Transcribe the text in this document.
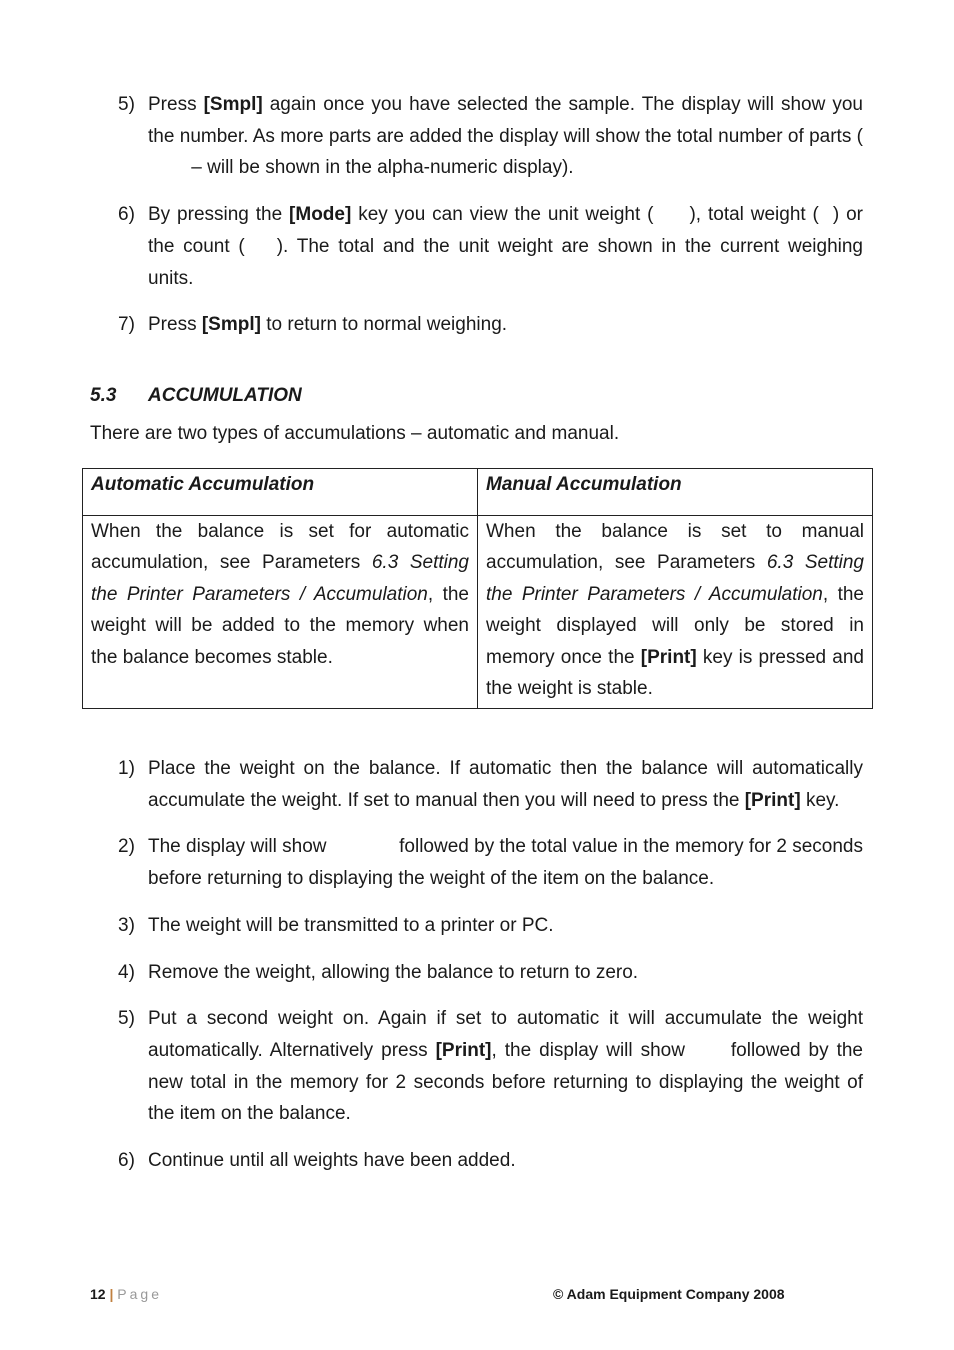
5) Press [Smpl] again once you have selected the sample. The display will show you the number. As more parts are added the display will show the total number of parts ( – will be shown in the alpha-numeric display).
6) By pressing the [Mode] key you can view the unit weight ( ), total weight ( ) or the count ( ). The total and the unit weight are shown in the current weighing units.
7) Press [Smpl] to return to normal weighing.
5.3 ACCUMULATION
There are two types of accumulations – automatic and manual.
Automatic Accumulation	Manual Accumulation
When the balance is set for automatic accumulation, see Parameters 6.3 Setting the Printer Parameters / Accumulation, the weight will be added to the memory when the balance becomes stable.	When the balance is set to manual accumulation, see Parameters 6.3 Setting the Printer Parameters / Accumulation, the weight displayed will only be stored in memory once the [Print] key is pressed and the weight is stable.
1) Place the weight on the balance. If automatic then the balance will automatically accumulate the weight. If set to manual then you will need to press the [Print] key.
2) The display will show	followed by the total value in the memory for 2 seconds before returning to displaying the weight of the item on the balance.
3) The weight will be transmitted to a printer or PC.
4) Remove the weight, allowing the balance to return to zero.
5) Put a second weight on. Again if set to automatic it will accumulate the weight automatically. Alternatively press [Print], the display will show  followed by the new total in the memory for 2 seconds before returning to displaying the weight of the item on the balance.
6) Continue until all weights have been added.
12 | Page	© Adam Equipment Company 2008
